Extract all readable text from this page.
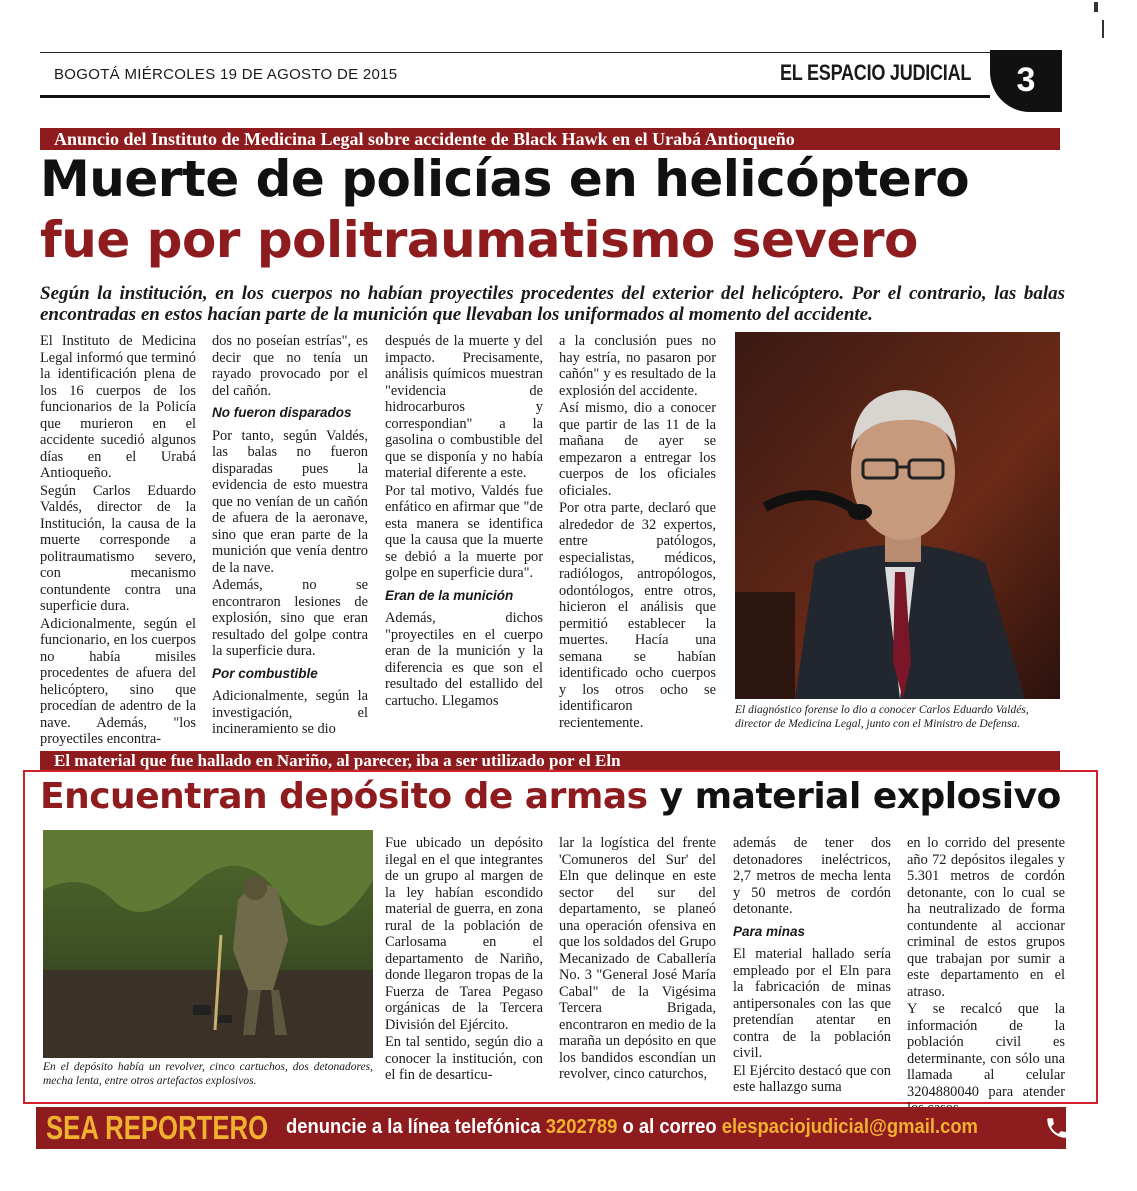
BOGOTÁ MIÉRCOLES 19 DE AGOSTO DE 2015	EL ESPACIO JUDICIAL	3
Anuncio del Instituto de Medicina Legal sobre accidente de Black Hawk en el Urabá Antioqueño
Muerte de policías en helicóptero
fue por politraumatismo severo
Según la institución, en los cuerpos no habían proyectiles procedentes del exterior del helicóptero. Por el contrario, las balas encontradas en estos hacían parte de la munición que llevaban los uniformados al momento del accidente.

El Instituto de Medicina Legal informó que terminó la identificación plena de los 16 cuerpos de los funcionarios de la Policía que murieron en el accidente sucedió algunos días en el Urabá Antioqueño.

Según Carlos Eduardo Valdés, director de la Institución, la causa de la muerte corresponde a politraumatismo severo, con mecanismo contundente contra una superficie dura.

Adicionalmente, según el funcionario, en los cuerpos no había misiles procedentes de afuera del helicóptero, sino que procedían de adentro de la nave. Además, "los proyectiles encontra-

dos no poseían estrías", es decir que no tenía un rayado provocado por el del cañón.

No fueron disparados

Por tanto, según Valdés, las balas no fueron disparadas pues la evidencia de esto muestra que no venían de un cañón de afuera de la aeronave, sino que eran parte de la munición que venía dentro de la nave.

Además, no se encontraron lesiones de explosión, sino que eran resultado del golpe contra la superficie dura.

Por combustible

Adicionalmente, según la investigación, el incineramiento se dio

después de la muerte y del impacto. Precisamente, análisis químicos muestran "evidencia de hidrocarburos y correspondian" a la gasolina o combustible del que se disponía y no había material diferente a este.

Por tal motivo, Valdés fue enfático en afirmar que "de esta manera se identifica que la causa que la muerte se debió a la muerte por golpe en superficie dura".

Eran de la munición

Además, dichos "proyectiles en el cuerpo eran de la munición y la diferencia es que son el resultado del estallido del cartucho. Llegamos

a la conclusión pues no hay estría, no pasaron por cañón" y es resultado de la explosión del accidente.

Así mismo, dio a conocer que partir de las 11 de la mañana de ayer se empezaron a entregar los cuerpos de los oficiales oficiales.

Por otra parte, declaró que alrededor de 32 expertos, entre patólogos, especialistas, médicos, radiólogos, antropólogos, odontólogos, entre otros, hicieron el análisis que permitió establecer la muertes. Hacía una semana se habían identificado ocho cuerpos y los otros ocho se identificaron recientemente.

El diagnóstico forense lo dio a conocer Carlos Eduardo Valdés, director de Medicina Legal, junto con el Ministro de Defensa.
El material que fue hallado en Nariño, al parecer, iba a ser utilizado por el Eln
Encuentran depósito de armas y material explosivo
En el depósito había un revolver, cinco cartuchos, dos detonadores, mecha lenta, entre otros artefactos explosivos.

Fue ubicado un depósito ilegal en el que integrantes de un grupo al margen de la ley habían escondido material de guerra, en zona rural de la población de Carlosama en el departamento de Nariño, donde llegaron tropas de la Fuerza de Tarea Pegaso orgánicas de la Tercera División del Ejército.

En tal sentido, según dio a conocer la institución, con el fin de desarticu-

lar la logística del frente 'Comuneros del Sur' del Eln que delinque en este sector del sur del departamento, se planeó una operación ofensiva en que los soldados del Grupo Mecanizado de Caballería No. 3 "General José María Cabal" de la Vigésima Tercera Brigada, encontraron en medio de la maraña un depósito en que los bandidos escondían un revolver, cinco caturchos,

además de tener dos detonadores ineléctricos, 2,7 metros de mecha lenta y 50 metros de cordón detonante.

Para minas

El material hallado sería empleado por el Eln para la fabricación de minas antipersonales con las que pretendían atentar en contra de la población civil.

El Ejército destacó que con este hallazgo suma

en lo corrido del presente año 72 depósitos ilegales y 5.301 metros de cordón detonante, con lo cual se ha neutralizado de forma contundente al accionar criminal de estos grupos que trabajan por sumir a este departamento en el atraso.

Y se recalcó que la información de la población civil es determinante, con sólo una llamada al celular 3204880040 para atender

SEA REPORTERO denuncie a la línea telefónica 3202789 o al correo elespaciojudicial@gmail.com
